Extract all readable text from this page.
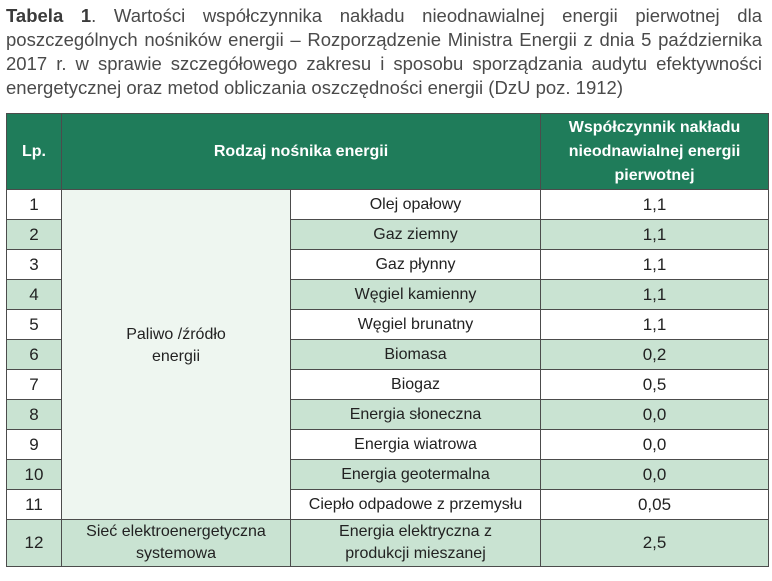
Tabela 1. Wartości współczynnika nakładu nieodnawialnej energii pierwotnej dla poszczególnych nośników energii – Rozporządzenie Ministra Energii z dnia 5 października 2017 r. w sprawie szczegółowego zakresu i sposobu sporządzania audytu efektywności energetycznej oraz metod obliczania oszczędności energii (DzU poz. 1912)
Lp.	Rodzaj nośnika energii		Współczynnik nakładu nieodnawialnej energii pierwotnej
1	Paliwo /źródło energii	Olej opałowy	1,1
2		Gaz ziemny	1,1
3		Gaz płynny	1,1
4		Węgiel kamienny	1,1
5		Węgiel brunatny	1,1
6		Biomasa	0,2
7		Biogaz	0,5
8		Energia słoneczna	0,0
9		Energia wiatrowa	0,0
10		Energia geotermalna	0,0
11		Ciepło odpadowe z przemysłu	0,05
12	Sieć elektroenergetyczna systemowa	Energia elektryczna z produkcji mieszanej	2,5
